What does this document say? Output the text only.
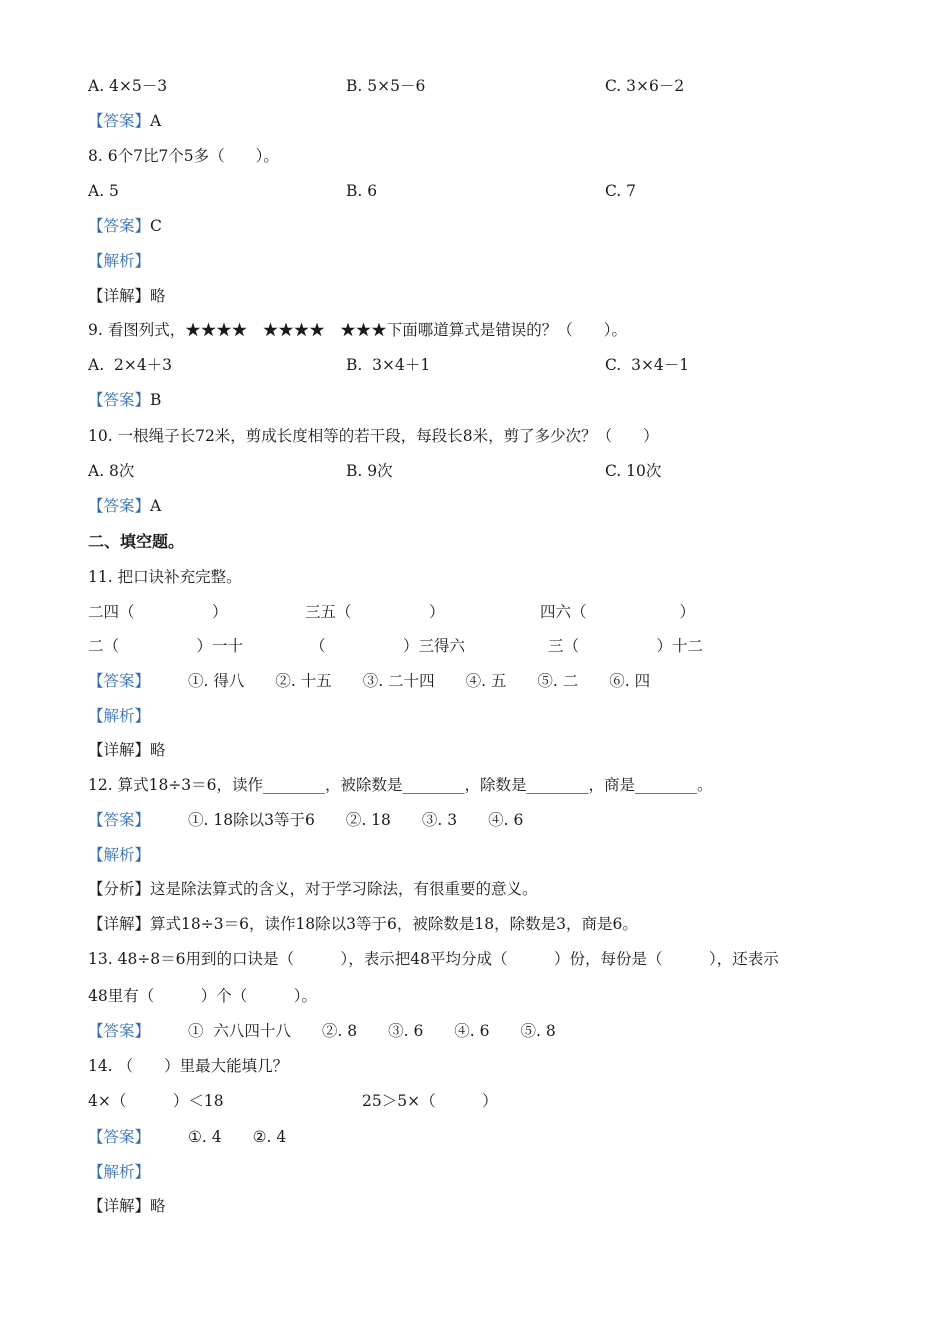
A. 4×5－3	B. 5×5－6	C. 3×6－2
【答案】A
8. 6个7比7个5多（　　）。
A. 5	B. 6	C. 7
【答案】C
【解析】
【详解】略
9. 看图列式，★★★★　★★★★　★★★下面哪道算式是错误的？（　　）。
A.  2×4＋3	B.  3×4＋1	C.  3×4－1
【答案】B
10. 一根绳子长72米，剪成长度相等的若干段，每段长8米，剪了多少次？（　　）
A. 8次	B. 9次	C. 10次
【答案】A
二、填空题。
11. 把口诀补充完整。
二四（　　　　　）	三五（　　　　　）	四六（　　　　　　）
二（　　　　　）一十	（　　　　　）三得六	三（　　　　　）十二
【答案】 ①. 得八　　②. 十五　　③. 二十四　　④. 五　　⑤. 二　　⑥. 四
【解析】
【详解】略
12. 算式18÷3＝6，读作________，被除数是________，除数是________，商是________。
【答案】 ①. 18除以3等于6　　②. 18　　③. 3　　④. 6
【解析】
【分析】这是除法算式的含义，对于学习除法，有很重要的意义。
【详解】算式18÷3＝6，读作18除以3等于6，被除数是18，除数是3，商是6。
13. 48÷8＝6用到的口诀是（　　　），表示把48平均分成（　　　）份，每份是（　　　），还表示
48里有（　　　）个（　　　）。
【答案】 ①  六八四十八　　②. 8　　③. 6　　④. 6　　⑤. 8
14. （　　）里最大能填几？
4×（　　　）＜18	25＞5×（　　　）
【答案】 ①. 4　　②. 4
【解析】
【详解】略
